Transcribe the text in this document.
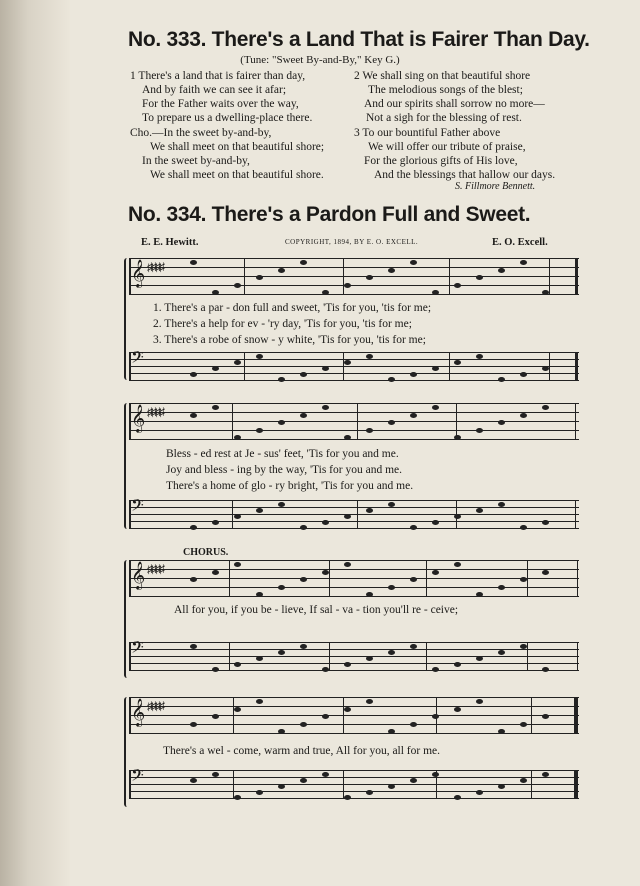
No. 333. There's a Land That is Fairer Than Day.
(Tune: "Sweet By-and-By," Key G.)
1 There's a land that is fairer than day,
And by faith we can see it afar;
For the Father waits over the way,
To prepare us a dwelling-place there.
2 We shall sing on that beautiful shore
The melodious songs of the blest;
And our spirits shall sorrow no more—
Not a sigh for the blessing of rest.
Cho.—In the sweet by-and-by,
We shall meet on that beautiful shore;
In the sweet by-and-by,
We shall meet on that beautiful shore.
3 To our bountiful Father above
We will offer our tribute of praise,
For the glorious gifts of His love,
And the blessings that hallow our days.
S. Fillmore Bennett.
No. 334. There's a Pardon Full and Sweet.
E. E. Hewitt.	COPYRIGHT, 1894, BY E. O. EXCELL.	E. O. Excell.
𝄞 ♯♯♯♯
1. There's a par - don full and sweet, 'Tis for you, 'tis for me;
2. There's a help for ev - 'ry day, 'Tis for you, 'tis for me;
3. There's a robe of snow - y white, 'Tis for you, 'tis for me;
𝄢
𝄞 ♯♯♯♯
Bless - ed rest at Je - sus' feet, 'Tis for you and me.
Joy and bless - ing by the way, 'Tis for you and me.
There's a home of glo - ry bright, 'Tis for you and me.
𝄢
CHORUS.
𝄞 ♯♯♯♯
All for you, if you be - lieve, If sal - va - tion you'll re - ceive;
𝄢
𝄞 ♯♯♯♯
There's a wel - come, warm and true, All for you, all for me.
𝄢
